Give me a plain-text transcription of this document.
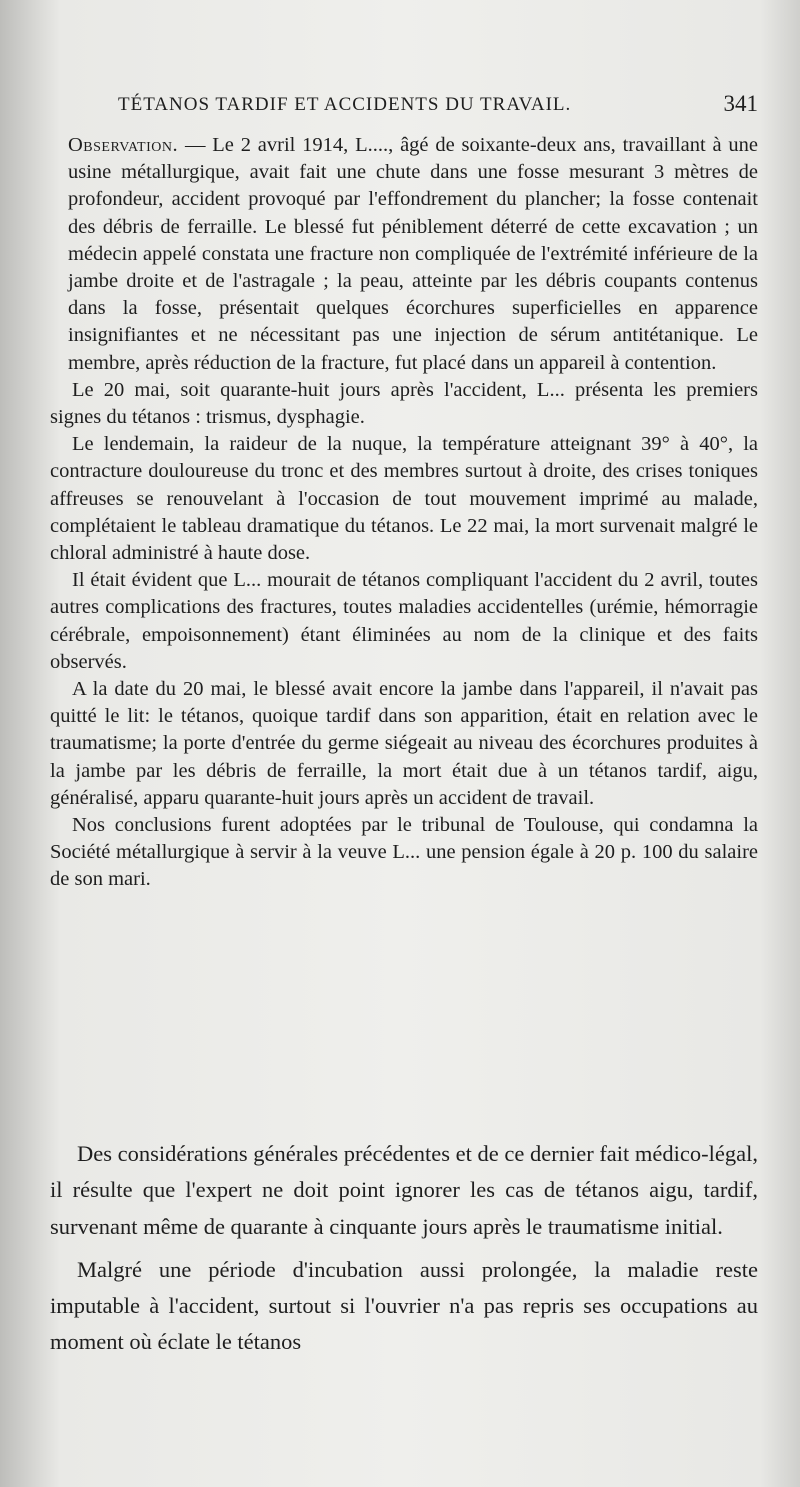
TÉTANOS TARDIF ET ACCIDENTS DU TRAVAIL.	341

Observation. — Le 2 avril 1914, L...., âgé de soixante-deux ans, travaillant à une usine métallurgique, avait fait une chute dans une fosse mesurant 3 mètres de profondeur, accident provoqué par l'effondrement du plancher; la fosse contenait des débris de ferraille. Le blessé fut péniblement déterré de cette excavation ; un médecin appelé constata une fracture non compliquée de l'extrémité inférieure de la jambe droite et de l'astragale ; la peau, atteinte par les débris coupants contenus dans la fosse, présentait quelques écorchures superficielles en apparence insignifiantes et ne nécessitant pas une injection de sérum antitétanique. Le membre, après réduction de la fracture, fut placé dans un appareil à contention.

Le 20 mai, soit quarante-huit jours après l'accident, L... présenta les premiers signes du tétanos : trismus, dysphagie.

Le lendemain, la raideur de la nuque, la température atteignant 39° à 40°, la contracture douloureuse du tronc et des membres surtout à droite, des crises toniques affreuses se renouvelant à l'occasion de tout mouvement imprimé au malade, complétaient le tableau dramatique du tétanos. Le 22 mai, la mort survenait malgré le chloral administré à haute dose.

Il était évident que L... mourait de tétanos compliquant l'accident du 2 avril, toutes autres complications des fractures, toutes maladies accidentelles (urémie, hémorragie cérébrale, empoisonnement) étant éliminées au nom de la clinique et des faits observés.

A la date du 20 mai, le blessé avait encore la jambe dans l'appareil, il n'avait pas quitté le lit: le tétanos, quoique tardif dans son apparition, était en relation avec le traumatisme; la porte d'entrée du germe siégeait au niveau des écorchures produites à la jambe par les débris de ferraille, la mort était due à un tétanos tardif, aigu, généralisé, apparu quarante-huit jours après un accident de travail.

Nos conclusions furent adoptées par le tribunal de Toulouse, qui condamna la Société métallurgique à servir à la veuve L... une pension égale à 20 p. 100 du salaire de son mari.

Des considérations générales précédentes et de ce dernier fait médico-légal, il résulte que l'expert ne doit point ignorer les cas de tétanos aigu, tardif, survenant même de quarante à cinquante jours après le traumatisme initial.

Malgré une période d'incubation aussi prolongée, la maladie reste imputable à l'accident, surtout si l'ouvrier n'a pas repris ses occupations au moment où éclate le tétanos
